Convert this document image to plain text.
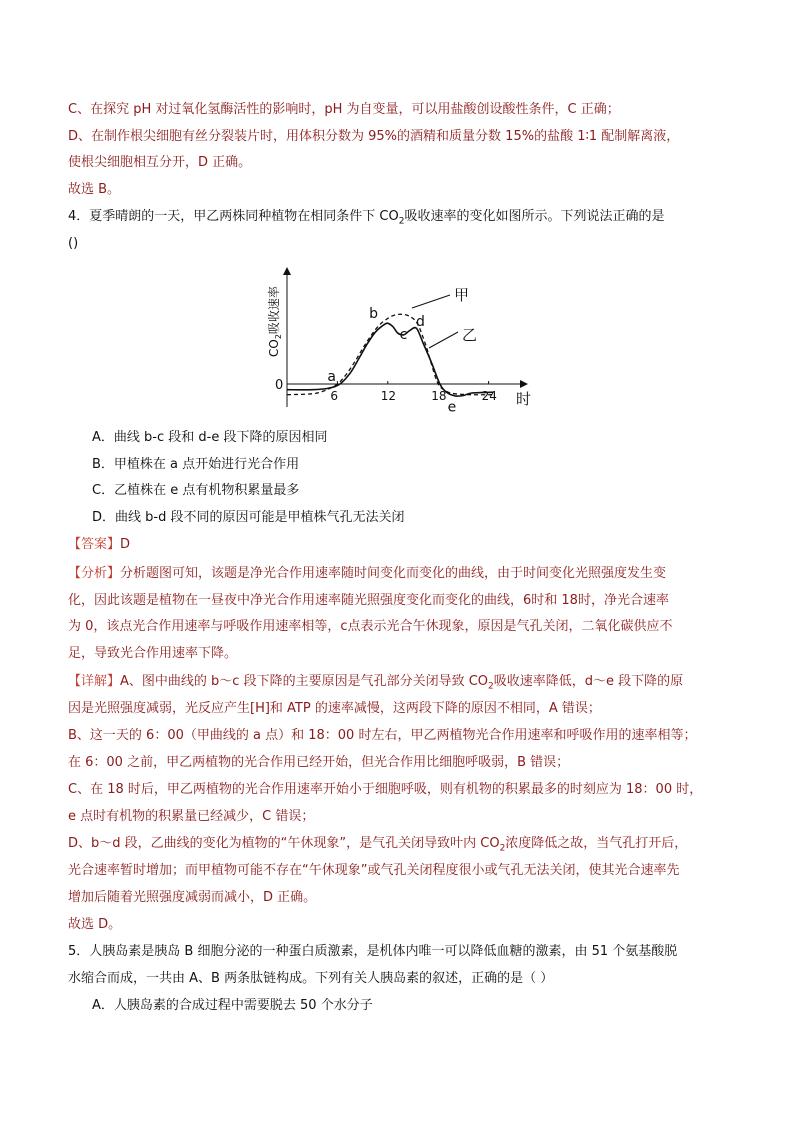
C、在探究 pH 对过氧化氢酶活性的影响时，pH 为自变量，可以用盐酸创设酸性条件，C 正确；
D、在制作根尖细胞有丝分裂装片时，用体积分数为 95%的酒精和质量分数 15%的盐酸 1∶1 配制解离液，
使根尖细胞相互分开，D 正确。
故选 B。
4．夏季晴朗的一天，甲乙两株同种植物在相同条件下 $CO_2$吸收速率的变化如图所示。下列说法正确的是
()
0
$CO_2$吸收速率
时
6	12	18	24
a
b
c
d
e
甲
乙
A．曲线 b-c 段和 d-e 段下降的原因相同
B．甲植株在 a 点开始进行光合作用
C．乙植株在 e 点有机物积累量最多
D．曲线 b-d 段不同的原因可能是甲植株气孔无法关闭
【答案】D
【分析】分析题图可知，该题是净光合作用速率随时间变化而变化的曲线，由于时间变化光照强度发生变
化，因此该题是植物在一昼夜中净光合作用速率随光照强度变化而变化的曲线，6时和 18时，净光合速率
为 0，该点光合作用速率与呼吸作用速率相等，c点表示光合午休现象，原因是气孔关闭，二氧化碳供应不
足，导致光合作用速率下降。
【详解】A、图中曲线的 b～c 段下降的主要原因是气孔部分关闭导致 $CO_2$吸收速率降低，d～e 段下降的原
因是光照强度减弱，光反应产生[H]和 ATP 的速率减慢，这两段下降的原因不相同，A 错误；
B、这一天的 6：00（甲曲线的 a 点）和 18：00 时左右，甲乙两植物光合作用速率和呼吸作用的速率相等；
在 6：00 之前，甲乙两植物的光合作用已经开始，但光合作用比细胞呼吸弱，B 错误；
C、在 18 时后，甲乙两植物的光合作用速率开始小于细胞呼吸，则有机物的积累最多的时刻应为 18：00 时，
e 点时有机物的积累量已经减少，C 错误；
D、b～d 段，乙曲线的变化为植物的“午休现象”，是气孔关闭导致叶内 $CO_2$浓度降低之故，当气孔打开后，
光合速率暂时增加；而甲植物可能不存在“午休现象”或气孔关闭程度很小或气孔无法关闭，使其光合速率先
增加后随着光照强度减弱而减小，D 正确。
故选 D。
5．人胰岛素是胰岛 B 细胞分泌的一种蛋白质激素，是机体内唯一可以降低血糖的激素，由 51 个氨基酸脱
水缩合而成，一共由 A、B 两条肽链构成。下列有关人胰岛素的叙述，正确的是（ ）
A．人胰岛素的合成过程中需要脱去 50 个水分子
